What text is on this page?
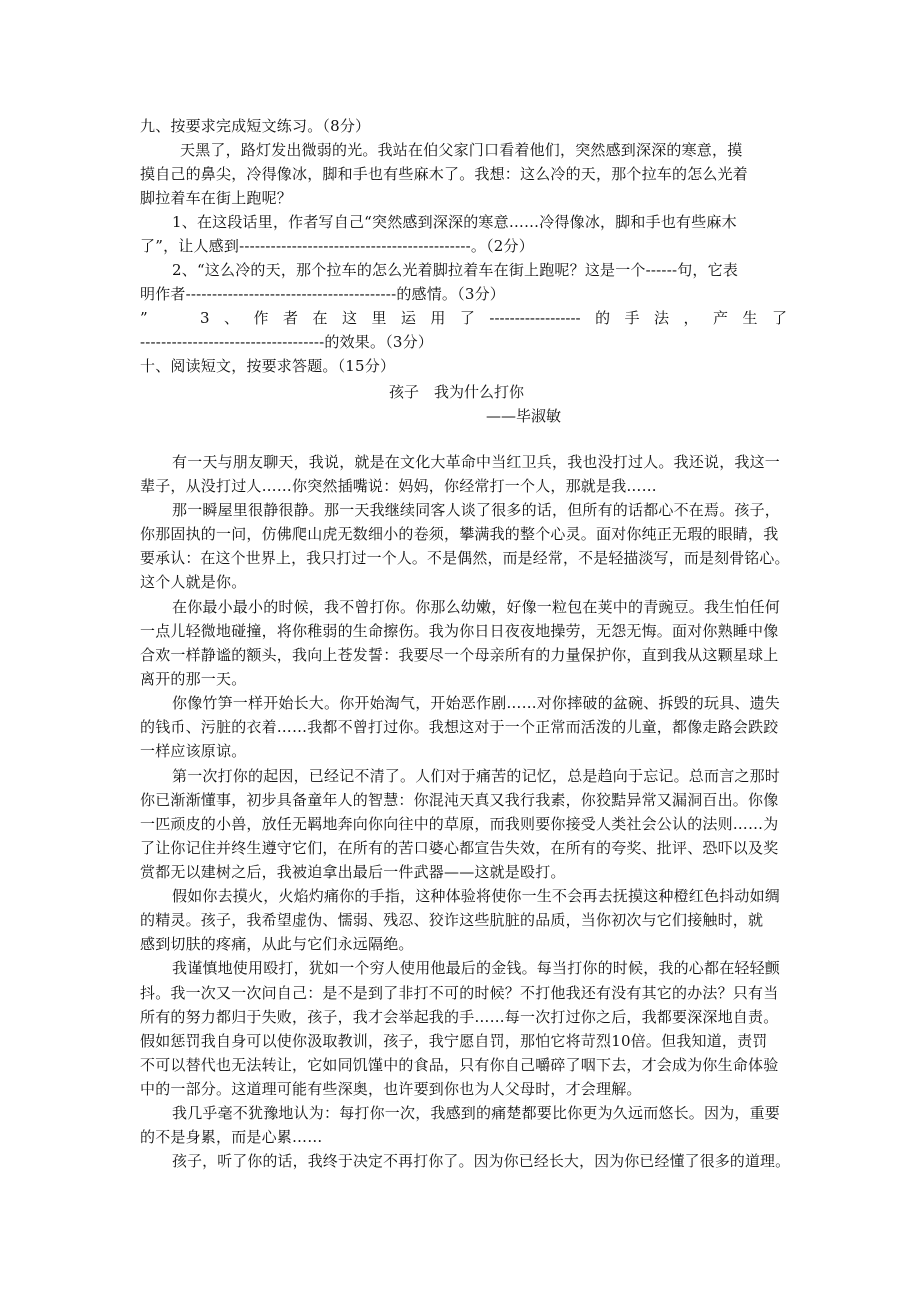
九、按要求完成短文练习。（8分）
天黑了，路灯发出微弱的光。我站在伯父家门口看着他们，突然感到深深的寒意，摸
摸自己的鼻尖，冷得像冰，脚和手也有些麻木了。我想：这么冷的天，那个拉车的怎么光着
脚拉着车在街上跑呢？
1、在这段话里，作者写自己“突然感到深深的寒意……冷得像冰，脚和手也有些麻木
了”，让人感到--------------------------------------------。（2分）
2、“这么冷的天，那个拉车的怎么光着脚拉着车在街上跑呢？这是一个------句，它表
明作者----------------------------------------的感情。（3分）
”	3 、 作 者 在 这 里 运 用 了 ------------------ 的 手 法 ， 产 生 了
-----------------------------------的效果。（3分）
十、阅读短文，按要求答题。（15分）
孩子　我为什么打你
——毕淑敏
有一天与朋友聊天，我说，就是在文化大革命中当红卫兵，我也没打过人。我还说，我这一
辈子，从没打过人……你突然插嘴说：妈妈，你经常打一个人，那就是我……
那一瞬屋里很静很静。那一天我继续同客人谈了很多的话，但所有的话都心不在焉。孩子，
你那固执的一问，仿佛爬山虎无数细小的卷须，攀满我的整个心灵。面对你纯正无瑕的眼睛，我
要承认：在这个世界上，我只打过一个人。不是偶然，而是经常，不是轻描淡写，而是刻骨铭心。
这个人就是你。
在你最小最小的时候，我不曾打你。你那么幼嫩，好像一粒包在荚中的青豌豆。我生怕任何
一点儿轻微地碰撞，将你稚弱的生命擦伤。我为你日日夜夜地操劳，无怨无悔。面对你熟睡中像
合欢一样静谧的额头，我向上苍发誓：我要尽一个母亲所有的力量保护你，直到我从这颗星球上
离开的那一天。
你像竹笋一样开始长大。你开始淘气，开始恶作剧……对你摔破的盆碗、拆毁的玩具、遗失
的钱币、污脏的衣着……我都不曾打过你。我想这对于一个正常而活泼的儿童，都像走路会跌跤
一样应该原谅。
第一次打你的起因，已经记不清了。人们对于痛苦的记忆，总是趋向于忘记。总而言之那时
你已渐渐懂事，初步具备童年人的智慧：你混沌天真又我行我素，你狡黠异常又漏洞百出。你像
一匹顽皮的小兽，放任无羁地奔向你向往中的草原，而我则要你接受人类社会公认的法则……为
了让你记住并终生遵守它们，在所有的苦口婆心都宣告失效，在所有的夸奖、批评、恐吓以及奖
赏都无以建树之后，我被迫拿出最后一件武器——这就是殴打。
假如你去摸火，火焰灼痛你的手指，这种体验将使你一生不会再去抚摸这种橙红色抖动如绸
的精灵。孩子，我希望虚伪、懦弱、残忍、狡诈这些肮脏的品质，当你初次与它们接触时，就
感到切肤的疼痛，从此与它们永远隔绝。
我谨慎地使用殴打，犹如一个穷人使用他最后的金钱。每当打你的时候，我的心都在轻轻颤
抖。我一次又一次问自己：是不是到了非打不可的时候？不打他我还有没有其它的办法？只有当
所有的努力都归于失败，孩子，我才会举起我的手……每一次打过你之后，我都要深深地自责。
假如惩罚我自身可以使你汲取教训，孩子，我宁愿自罚，那怕它将苛烈10倍。但我知道，责罚
不可以替代也无法转让，它如同饥馑中的食品，只有你自己嚼碎了咽下去，才会成为你生命体验
中的一部分。这道理可能有些深奥，也许要到你也为人父母时，才会理解。
我几乎毫不犹豫地认为：每打你一次，我感到的痛楚都要比你更为久远而悠长。因为，重要
的不是身累，而是心累……
孩子，听了你的话，我终于决定不再打你了。因为你已经长大，因为你已经懂了很多的道理。
